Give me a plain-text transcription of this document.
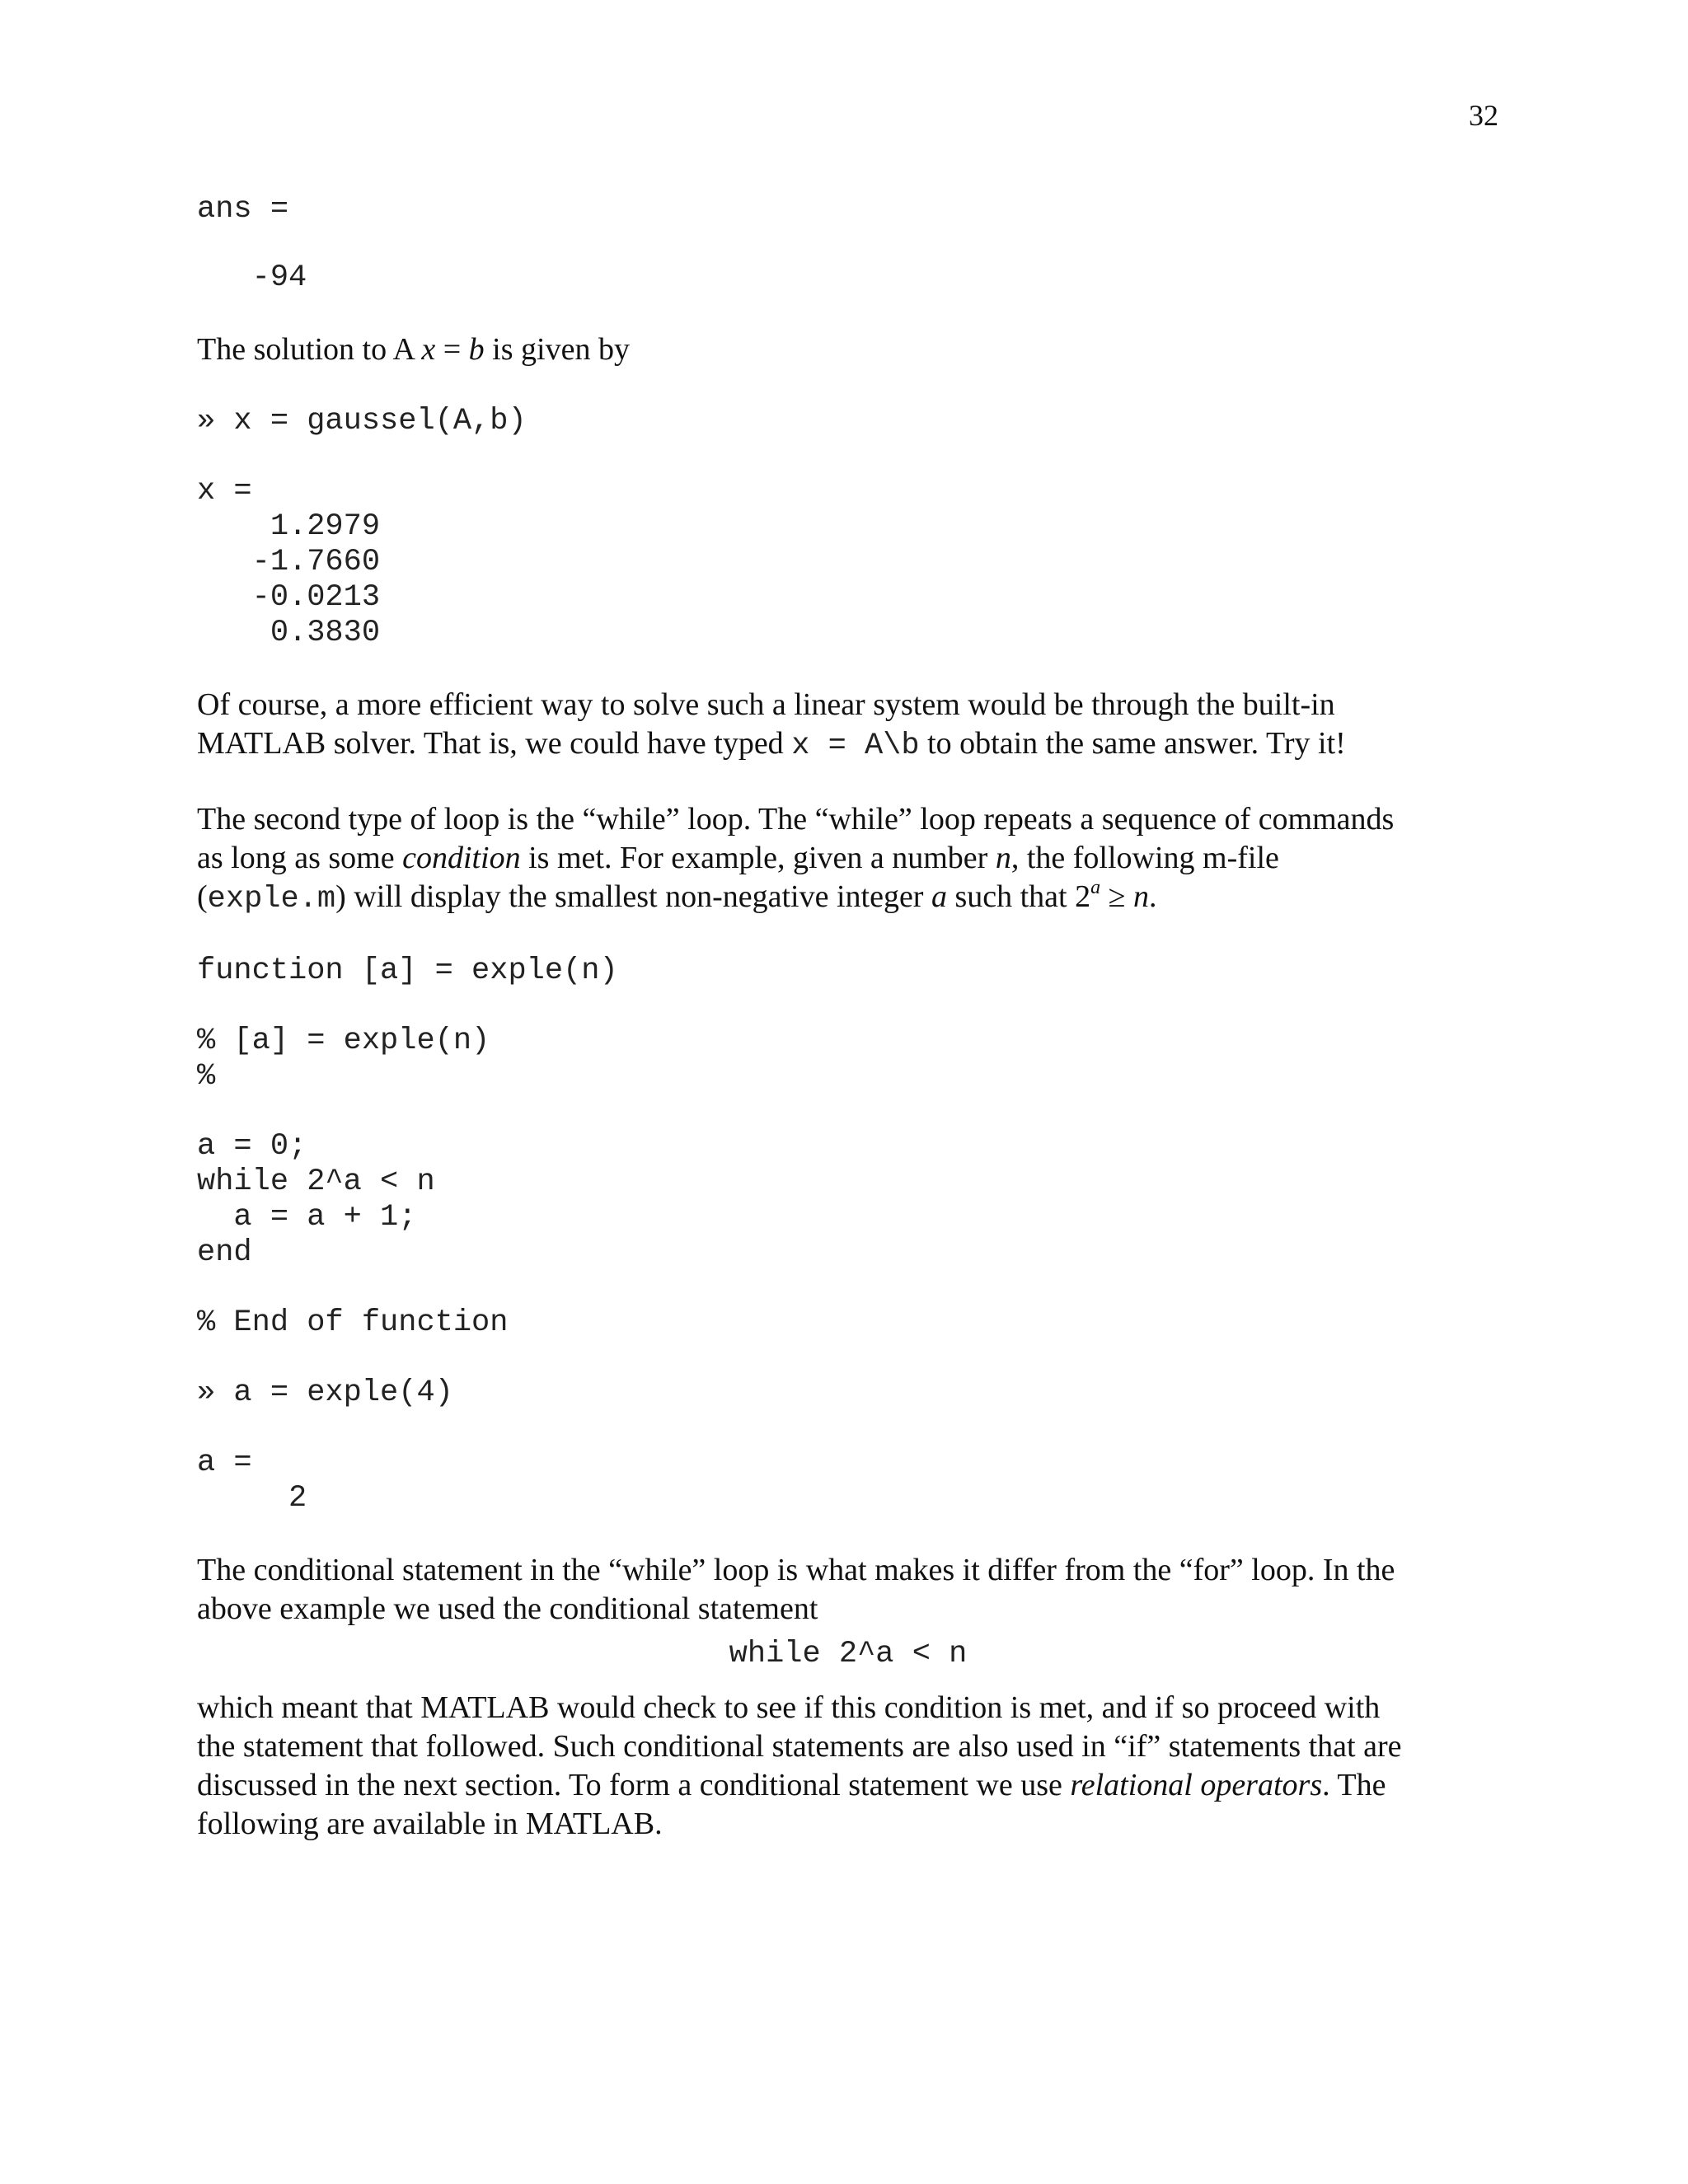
32
ans =
-94

The solution to A x = b is given by

» x = gaussel(A,b)
x =
1.2979
-1.7660
-0.0213
0.3830

Of course, a more efficient way to solve such a linear system would be through the built-in

MATLAB solver. That is, we could have typed x = A\b to obtain the same answer. Try it!

The second type of loop is the “while” loop. The “while” loop repeats a sequence of commands

as long as some condition is met. For example, given a number n, the following m-file

(exple.m) will display the smallest non-negative integer a such that $2^a \ge n$.

function [a] = exple(n)
% [a] = exple(n)
%
a = 0;
while 2^a < n
a = a + 1;
end
% End of function
» a = exple(4)
a =
2

The conditional statement in the “while” loop is what makes it differ from the “for” loop. In the

above example we used the conditional statement

while 2^a < n

which meant that MATLAB would check to see if this condition is met, and if so proceed with

the statement that followed. Such conditional statements are also used in “if” statements that are

discussed in the next section. To form a conditional statement we use relational operators. The

following are available in MATLAB.
